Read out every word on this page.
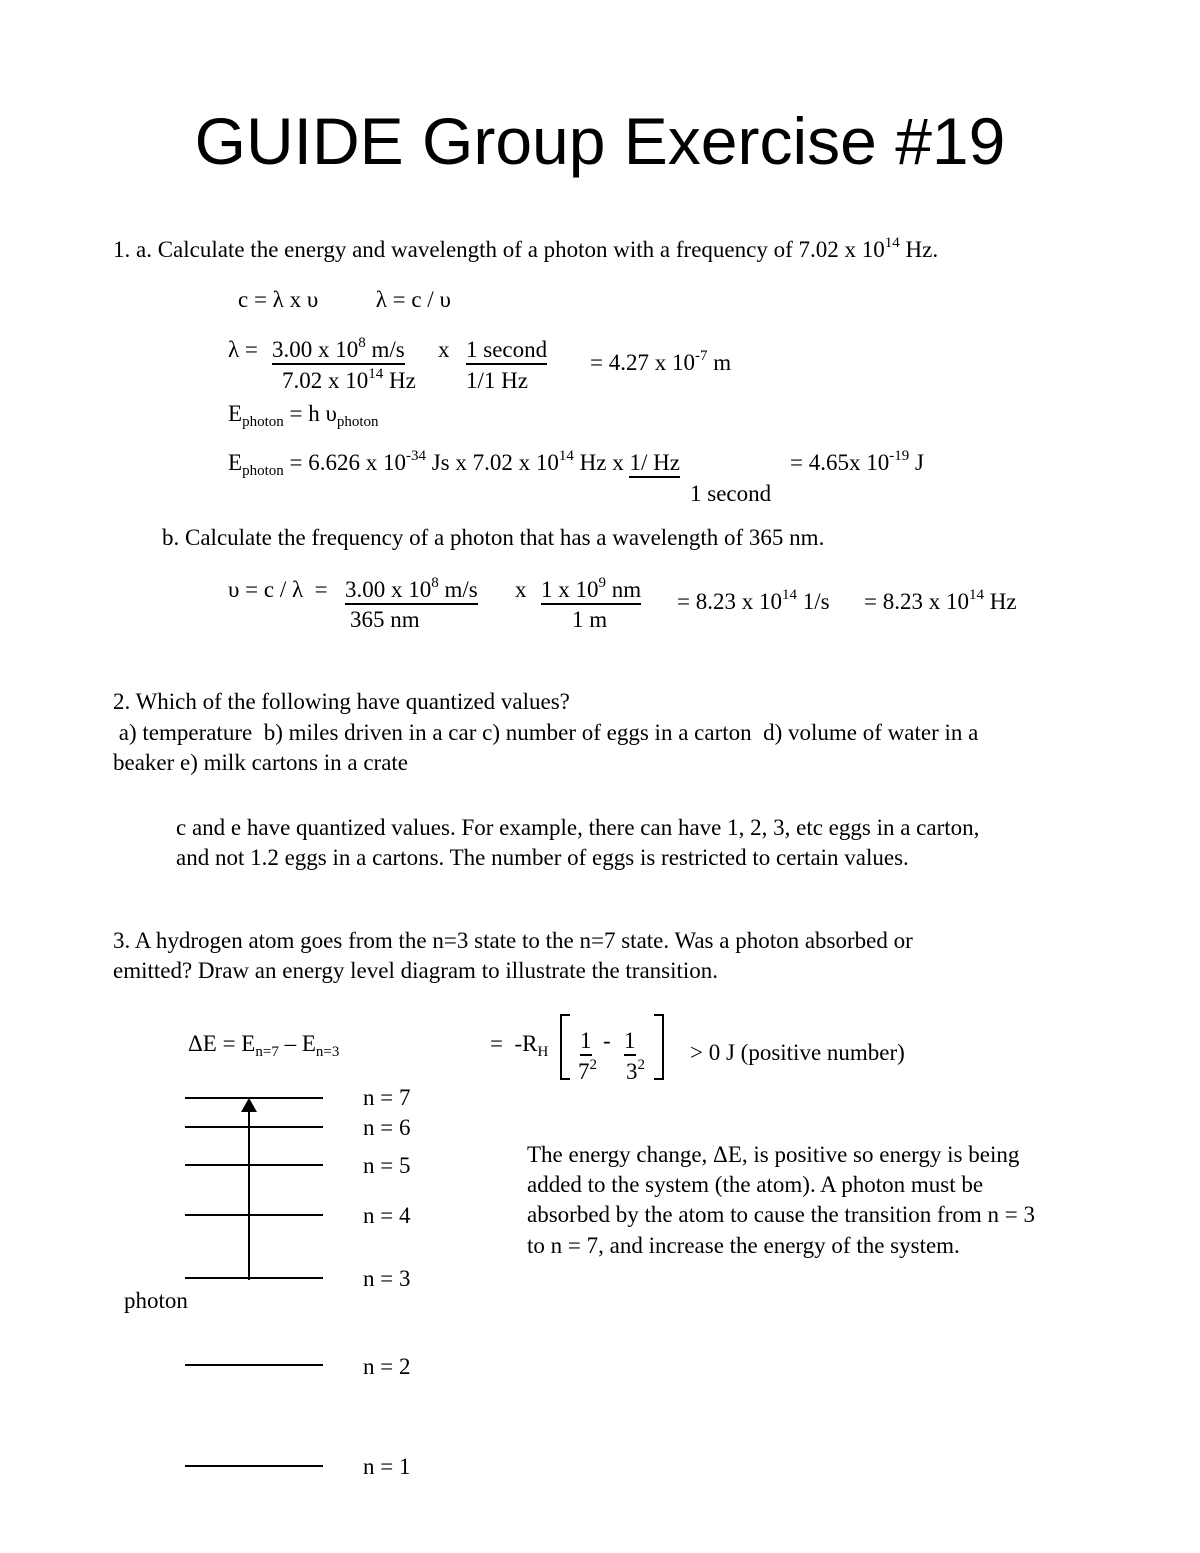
GUIDE Group Exercise #19
1. a. Calculate the energy and wavelength of a photon with a frequency of 7.02 x $10^{14}$ Hz.
c = λ x υ          λ = c / υ
λ = 3.00 x $10^8$ m/s x 1 second
7.02 x $10^{14}$ Hz 1/1 Hz
= 4.27 x $10^{-7}$ m
$E_{photon} = h$ $\upsilon_{photon}$
$E_{photon} = 6.626$ x $10^{-34}$ Js x 7.02 x $10^{14}$ Hz x 1/ Hz	= 4.65x $10^{-19}$ J
1 second
b. Calculate the frequency of a photon that has a wavelength of 365 nm.
υ = c / λ  = 3.00 x $10^8$ m/s x 1 x $10^9$ nm
365 nm	1 m
= 8.23 x $10^{14}$ 1/s = 8.23 x $10^{14}$ Hz
2. Which of the following have quantized values?
a) temperature  b) miles driven in a car c) number of eggs in a carton  d) volume of water in a
beaker e) milk cartons in a crate
c and e have quantized values. For example, there can have 1, 2, 3, etc eggs in a carton,
and not 1.2 eggs in a cartons. The number of eggs is restricted to certain values.
3. A hydrogen atom goes from the n=3 state to the n=7 state. Was a photon absorbed or
emitted? Draw an energy level diagram to illustrate the transition.
$\Delta E = E_{n=7} - E_{n=3}$	=  $-R_H$ 1 - 1
$7^2$ $3^2 > 0$ J (positive number)
n = 7
n = 6
n = 5
n = 4
n = 3
n = 2
n = 1
photon
The energy change, ΔE, is positive so energy is being
added to the system (the atom). A photon must be
absorbed by the atom to cause the transition from n = 3
to n = 7, and increase the energy of the system.
